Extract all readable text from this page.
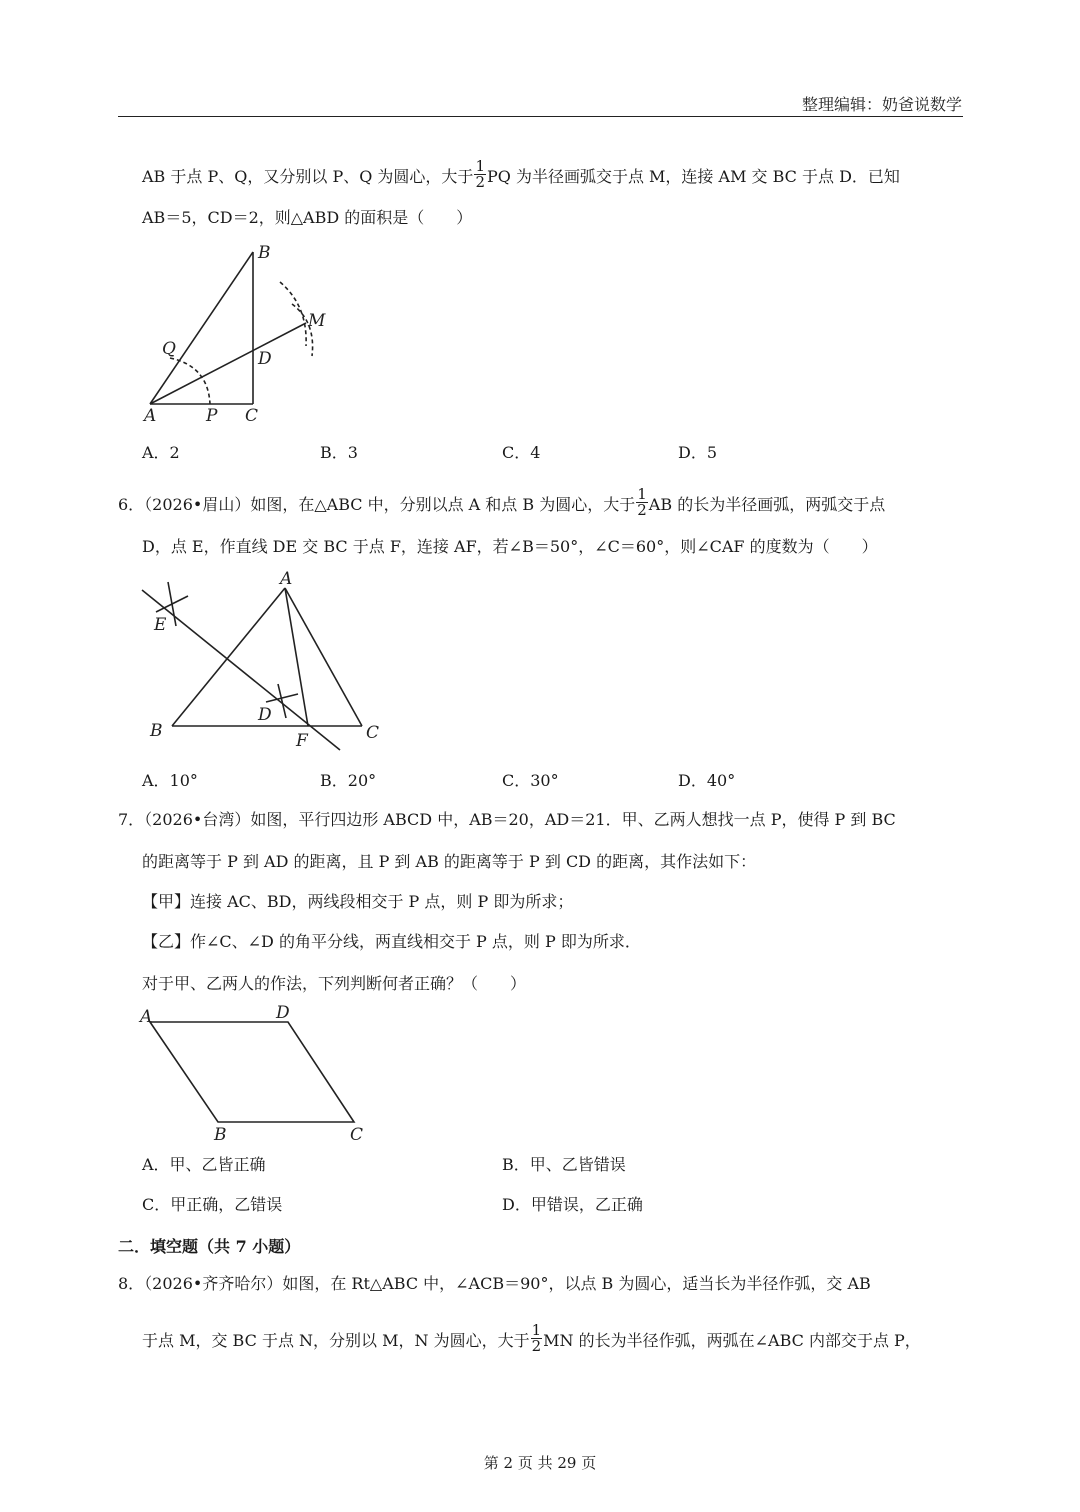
整理编辑：奶爸说数学
AB 于点 P、Q，又分别以 P、Q 为圆心，大于 $\frac{1}{2}$ PQ 为半径画弧交于点 M，连接 AM 交 BC 于点 D．已知
AB＝5，CD＝2，则△ABD 的面积是（　　）
A
B
C
D
P
Q
M
A．2	B．3	C．4	D．5
6．（2026•眉山）如图，在△ABC 中，分别以点 A 和点 B 为圆心，大于 $\frac{1}{2}$ AB 的长为半径画弧，两弧交于点
D，点 E，作直线 DE 交 BC 于点 F，连接 AF，若∠B＝50°，∠C＝60°，则∠CAF 的度数为（　　）
A
B	C
D
E
F
A．10°	B．20°	C．30°	D．40°
7．（2026•台湾）如图，平行四边形 ABCD 中，AB＝20，AD＝21．甲、乙两人想找一点 P，使得 P 到 BC
的距离等于 P 到 AD 的距离，且 P 到 AB 的距离等于 P 到 CD 的距离，其作法如下：
【甲】连接 AC、BD，两线段相交于 P 点，则 P 即为所求；
【乙】作∠C、∠D 的角平分线，两直线相交于 P 点，则 P 即为所求．
对于甲、乙两人的作法，下列判断何者正确？（　　）
A	D
B	C
A．甲、乙皆正确	B．甲、乙皆错误
C．甲正确，乙错误	D．甲错误，乙正确
二．填空题（共 7 小题）
8．（2026•齐齐哈尔）如图，在 Rt△ABC 中，∠ACB＝90°，以点 B 为圆心，适当长为半径作弧，交 AB
于点 M，交 BC 于点 N，分别以 M，N 为圆心，大于 $\frac{1}{2}$ MN 的长为半径作弧，两弧在∠ABC 内部交于点 P，
第 2 页 共 29 页
